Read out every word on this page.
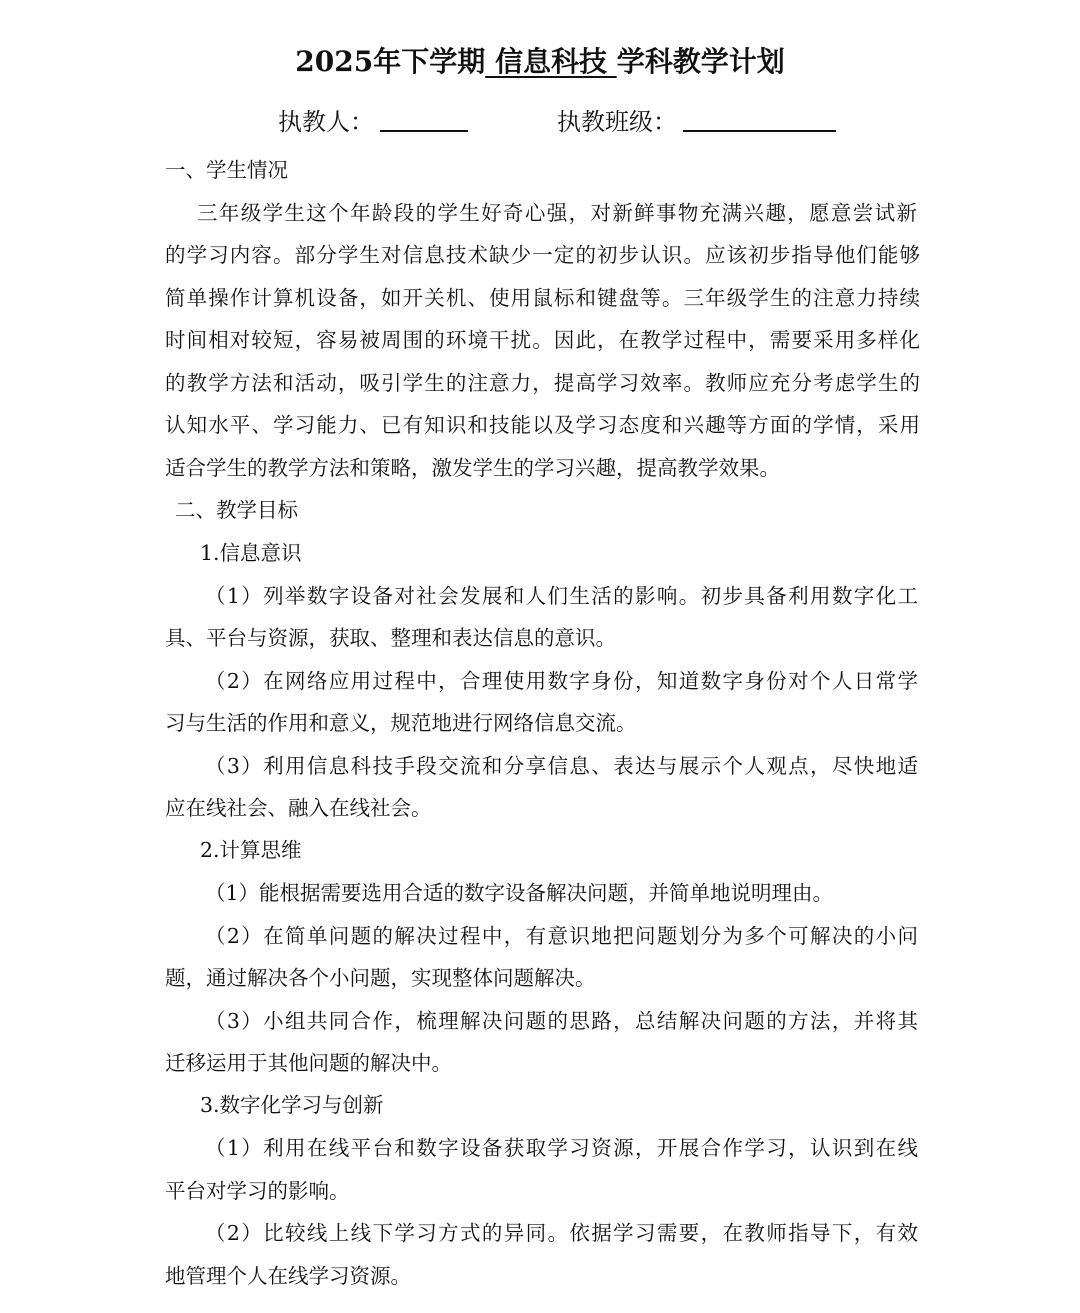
2025年下学期 信息科技 学科教学计划
执教人：	执教班级：
一、学生情况
三年级学生这个年龄段的学生好奇心强，对新鲜事物充满兴趣，愿意尝试新
的学习内容。部分学生对信息技术缺少一定的初步认识。应该初步指导他们能够
简单操作计算机设备，如开关机、使用鼠标和键盘等。三年级学生的注意力持续
时间相对较短，容易被周围的环境干扰。因此，在教学过程中，需要采用多样化
的教学方法和活动，吸引学生的注意力，提高学习效率。教师应充分考虑学生的
认知水平、学习能力、已有知识和技能以及学习态度和兴趣等方面的学情，采用
适合学生的教学方法和策略，激发学生的学习兴趣，提高教学效果。
二、教学目标
1.信息意识
（1）列举数字设备对社会发展和人们生活的影响。初步具备利用数字化工
具、平台与资源，获取、整理和表达信息的意识。
（2）在网络应用过程中，合理使用数字身份，知道数字身份对个人日常学
习与生活的作用和意义，规范地进行网络信息交流。
（3）利用信息科技手段交流和分享信息、表达与展示个人观点，尽快地适
应在线社会、融入在线社会。
2.计算思维
（1）能根据需要选用合适的数字设备解决问题，并简单地说明理由。
（2）在简单问题的解决过程中，有意识地把问题划分为多个可解决的小问
题，通过解决各个小问题，实现整体问题解决。
（3）小组共同合作，梳理解决问题的思路，总结解决问题的方法，并将其
迁移运用于其他问题的解决中。
3.数字化学习与创新
（1）利用在线平台和数字设备获取学习资源，开展合作学习，认识到在线
平台对学习的影响。
（2）比较线上线下学习方式的异同。依据学习需要，在教师指导下，有效
地管理个人在线学习资源。
